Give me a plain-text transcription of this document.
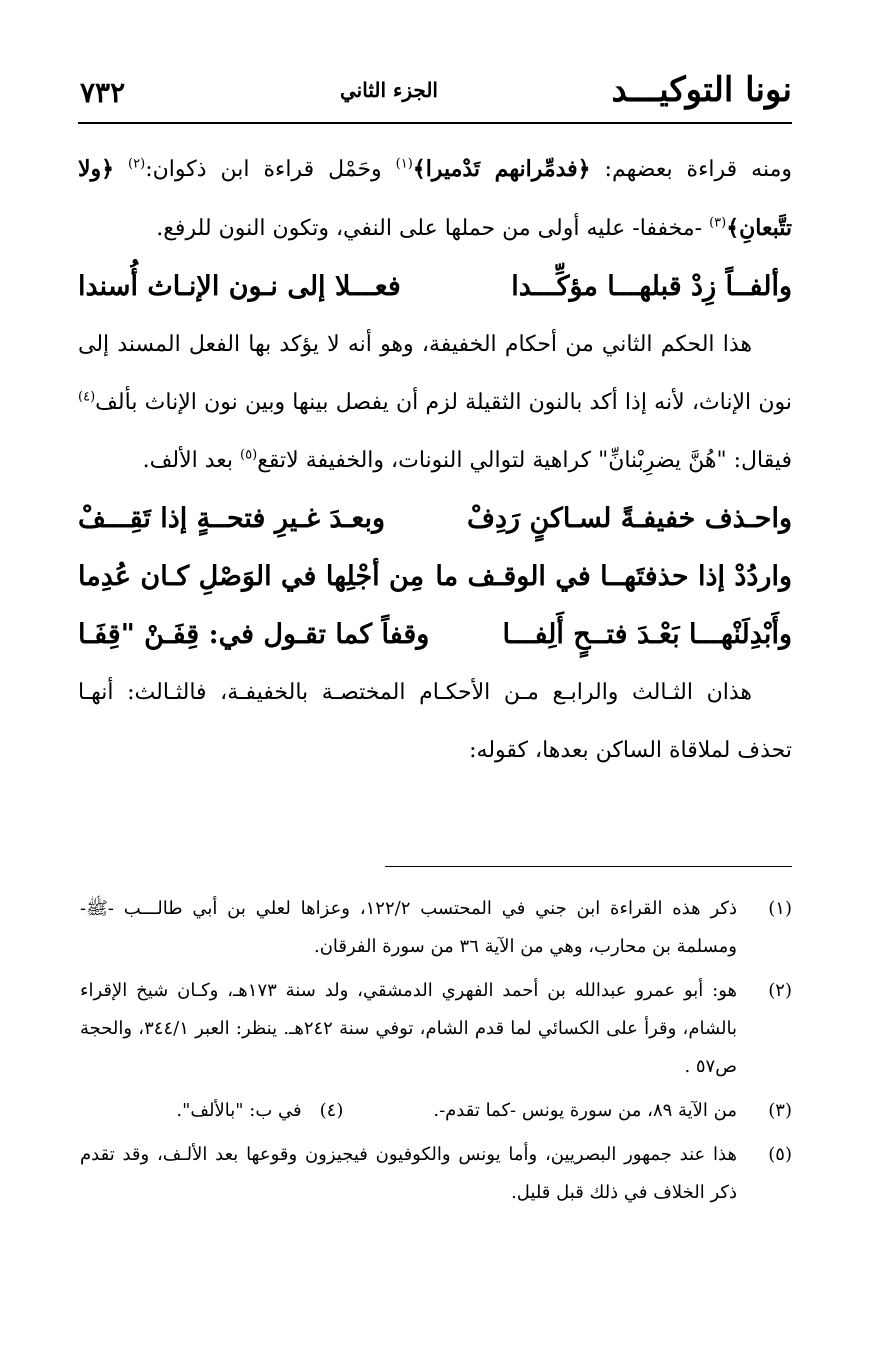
نونا التوكيـــد
الجزء الثاني
٧٣٢

ومنه قراءة بعضهم: ﴿فدمِّرانهم تَدْميرا﴾$^{(١)}$ وحَمْل قراءة ابن ذكوان:$^{(٢)}$ ﴿ولا تتَّبعانِ﴾$^{(٣)}$ -مخففا- عليه أولى من حملها على النفي، وتكون النون للرفع.

وألفــاً زِدْ قبلهـــا مؤكِّـــدا
فعـــلا إلى نـون الإنـاث أُسندا

هذا الحكم الثاني من أحكام الخفيفة، وهو أنه لا يؤكد بها الفعل المسند إلى نون الإناث، لأنه إذا أكد بالنون الثقيلة لزم أن يفصل بينها وبين نون الإناث بألف$^{(٤)}$ فيقال: "هُنَّ يضرِبْنانِّ" كراهية لتوالي النونات، والخفيفة لاتقع$^{(٥)}$ بعد الألف.

واحـذف خفيفـةً لسـاكنٍ رَدِفْ
وبعـدَ غـيرِ فتحــةٍ إذا تَقِـــفْ
واردُدْ إذا حذفتَهــا في الوقـف ما
مِن أجْلِها في الوَصْلِ كـان عُدِما
وأَبْدِلَنْهـــا بَعْـدَ فتــحٍ أَلِفـــا
وقفاً كما تقـول في: قِفَـنْ "قِفَـا

هذان الثـالث والرابـع مـن الأحكـام المختصـة بالخفيفـة، فالثـالث: أنهـا تحذف لملاقاة الساكن بعدها، كقوله:

(١)
ذكر هذه القراءة ابن جني في المحتسب ١٢٢/٢، وعزاها لعلي بن أبي طالـــب -ﷺ- ومسلمة بن محارب، وهي من الآية ٣٦ من سورة الفرقان.
(٢)
هو: أبو عمرو عبدالله بن أحمد الفهري الدمشقي، ولد سنة ١٧٣هـ، وكـان شيخ الإقراء بالشام، وقرأ على الكسائي لما قدم الشام، توفي سنة ٢٤٢هـ. ينظر: العبر ٣٤٤/١، والحجة ص٥٧ .
(٣)
من الآية ٨٩، من سورة يونس -كما تقدم-.
(٤)
في ب: "بالألف".
(٥)
هذا عند جمهور البصريين، وأما يونس والكوفيون فيجيزون وقوعها بعد الألـف، وقد تقدم ذكر الخلاف في ذلك قبل قليل.
